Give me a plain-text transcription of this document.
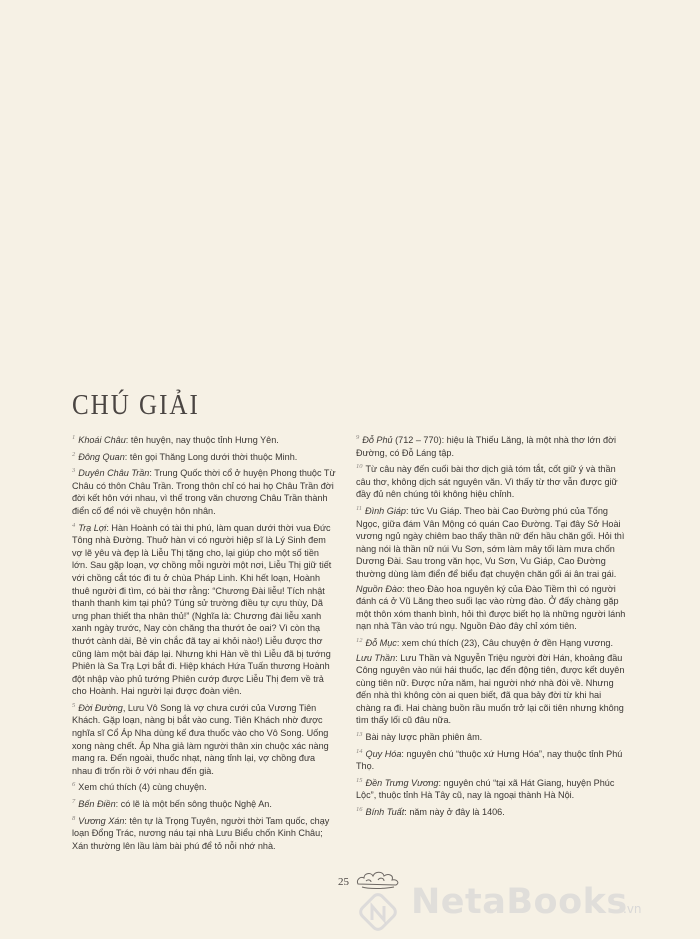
CHÚ GIẢI

$^1$ Khoái Châu: tên huyện, nay thuộc tỉnh Hưng Yên.

$^2$ Đông Quan: tên gọi Thăng Long dưới thời thuộc Minh.

$^3$ Duyên Châu Trần: Trung Quốc thời cổ ở huyện Phong thuộc Từ Châu có thôn Châu Trần. Trong thôn chỉ có hai họ Châu Trần đời đời kết hôn với nhau, vì thế trong văn chương Châu Trần thành điển cố để nói về chuyện hôn nhân.

$^4$ Trạ Lợi: Hàn Hoành có tài thi phú, làm quan dưới thời vua Đức Tông nhà Đường. Thuở hàn vi có người hiệp sĩ là Lý Sinh đem vợ lẽ yêu và đẹp là Liễu Thị tặng cho, lại giúp cho một số tiền lớn. Sau gặp loạn, vợ chồng mỗi người một nơi, Liễu Thị giữ tiết với chồng cắt tóc đi tu ở chùa Pháp Linh. Khi hết loạn, Hoành thuê người đi tìm, có bài thơ rằng: “Chương Đài liễu! Tích nhật thanh thanh kim tại phủ? Túng sử trường điều tự cựu thùy, Dã ưng phan thiết tha nhân thủ!” (Nghĩa là: Chương đài liễu xanh xanh ngày trước, Nay còn chăng tha thướt ỏe oai? Vì còn thạ thướt cành dài, Bẻ vin chắc đã tay ai khỏi nào!) Liễu được thơ cũng làm một bài đáp lại. Nhưng khi Hàn về thì Liễu đã bị tướng Phiên là Sa Trạ Lợi bắt đi. Hiệp khách Hứa Tuấn thương Hoành đột nhập vào phủ tướng Phiên cướp được Liễu Thị đem về trả cho Hoành. Hai người lại được đoàn viên.

$^5$ Đời Đường, Lưu Vô Song là vợ chưa cưới của Vương Tiên Khách. Gặp loạn, nàng bị bắt vào cung. Tiên Khách nhờ được nghĩa sĩ Cổ Áp Nha dùng kế đưa thuốc vào cho Vô Song. Uống xong nàng chết. Áp Nha giả làm người thân xin chuộc xác nàng mang ra. Đến ngoài, thuốc nhạt, nàng tỉnh lại, vợ chồng đưa nhau đi trốn rồi ở với nhau đến già.

$^6$ Xem chú thích (4) cùng chuyện.

$^7$ Bến Điền: có lẽ là một bến sông thuộc Nghệ An.

$^8$ Vương Xán: tên tự là Trọng Tuyên, người thời Tam quốc, chạy loạn Đổng Trác, nương náu tại nhà Lưu Biểu chốn Kinh Châu; Xán thường lên lầu làm bài phú để tỏ nỗi nhớ nhà.

$^9$ Đỗ Phủ (712 – 770): hiệu là Thiếu Lăng, là một nhà thơ lớn đời Đường, có Đỗ Láng tập.

$^{10}$ Từ câu này đến cuối bài thơ dịch giả tóm tắt, cốt giữ ý và thần câu thơ, không dịch sát nguyên văn. Vì thấy từ thơ vẫn được giữ đầy đủ nên chúng tôi không hiệu chỉnh.

$^{11}$ Đình Giáp: tức Vu Giáp. Theo bài Cao Đường phú của Tống Ngọc, giữa đám Vân Mộng có quán Cao Đường. Tại đây Sở Hoài vương ngủ ngày chiêm bao thấy thần nữ đến hầu chăn gối. Hỏi thì nàng nói là thần nữ núi Vu Sơn, sớm làm mây tối làm mưa chốn Dương Đài. Sau trong văn học, Vu Sơn, Vu Giáp, Cao Đường thường dùng làm điển để biểu đạt chuyện chăn gối ái ân trai gái.

Nguồn Đào: theo Đào hoa nguyên ký của Đào Tiềm thì có người đánh cá ở Vũ Lăng theo suối lạc vào rừng đào. Ở đấy chàng gặp một thôn xóm thanh bình, hỏi thì được biết họ là những người lánh nạn nhà Tần vào trú ngụ. Nguồn Đào đây chỉ xóm tiên.

$^{12}$ Đỗ Mục: xem chú thích (23), Câu chuyện ở đền Hạng vương.

Lưu Thần: Lưu Thần và Nguyễn Triệu người đời Hán, khoảng đầu Công nguyên vào núi hái thuốc, lạc đến động tiên, được kết duyên cùng tiên nữ. Được nửa năm, hai người nhớ nhà đòi về. Nhưng đến nhà thì không còn ai quen biết, đã qua bảy đời từ khi hai chàng ra đi. Hai chàng buồn rầu muốn trở lại cõi tiên nhưng không tìm thấy lối cũ đâu nữa.

$^{13}$ Bài này lược phần phiên âm.

$^{14}$ Quy Hóa: nguyên chú “thuộc xứ Hưng Hóa”, nay thuộc tỉnh Phú Thọ.

$^{15}$ Đền Trưng Vương: nguyên chú “tại xã Hát Giang, huyện Phúc Lộc”, thuộc tỉnh Hà Tây cũ, nay là ngoại thành Hà Nội.

$^{16}$ Bính Tuất: năm này ở đây là 1406.

25 NetaBooks
.vn
